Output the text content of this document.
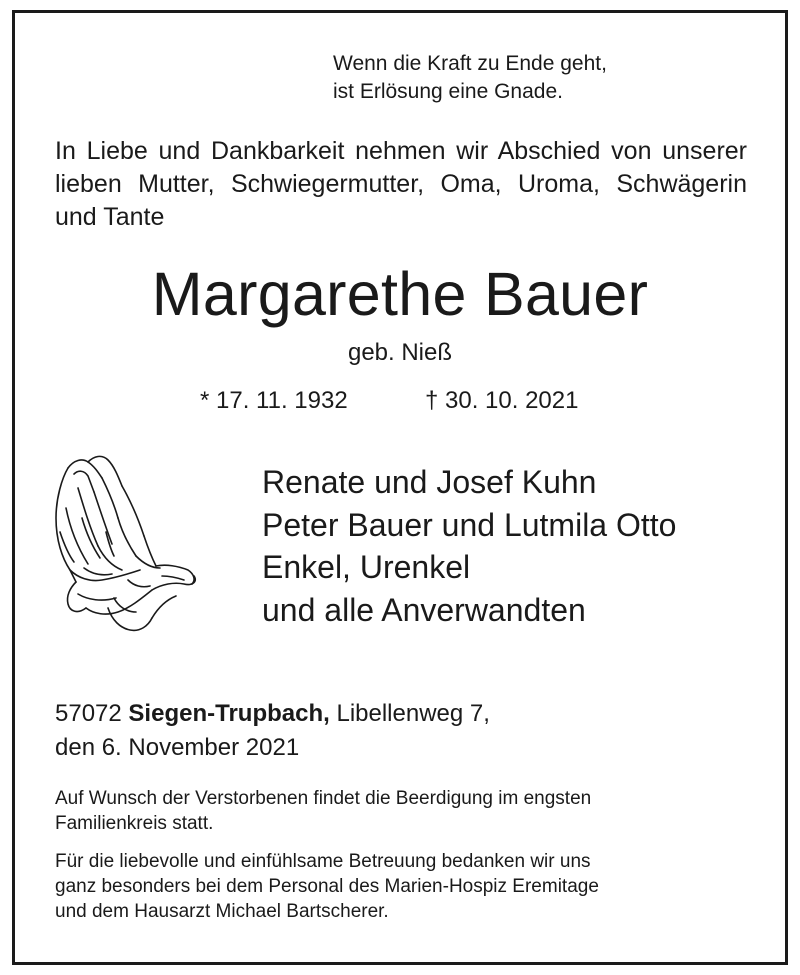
Wenn die Kraft zu Ende geht,
ist Erlösung eine Gnade.

In Liebe und Dankbarkeit nehmen wir Abschied von unserer lieben Mutter, Schwiegermutter, Oma, Uroma, Schwägerin und Tante

Margarethe Bauer

geb. Nieß

* 17. 11. 1932	† 30. 10. 2021

Renate und Josef Kuhn
Peter Bauer und Lutmila Otto
Enkel, Urenkel
und alle Anverwandten

57072 Siegen-Trupbach, Libellenweg 7,
den 6. November 2021

Auf Wunsch der Verstorbenen findet die Beerdigung im engsten
Familienkreis statt.

Für die liebevolle und einfühlsame Betreuung bedanken wir uns
ganz besonders bei dem Personal des Marien-Hospiz Eremitage
und dem Hausarzt Michael Bartscherer.
